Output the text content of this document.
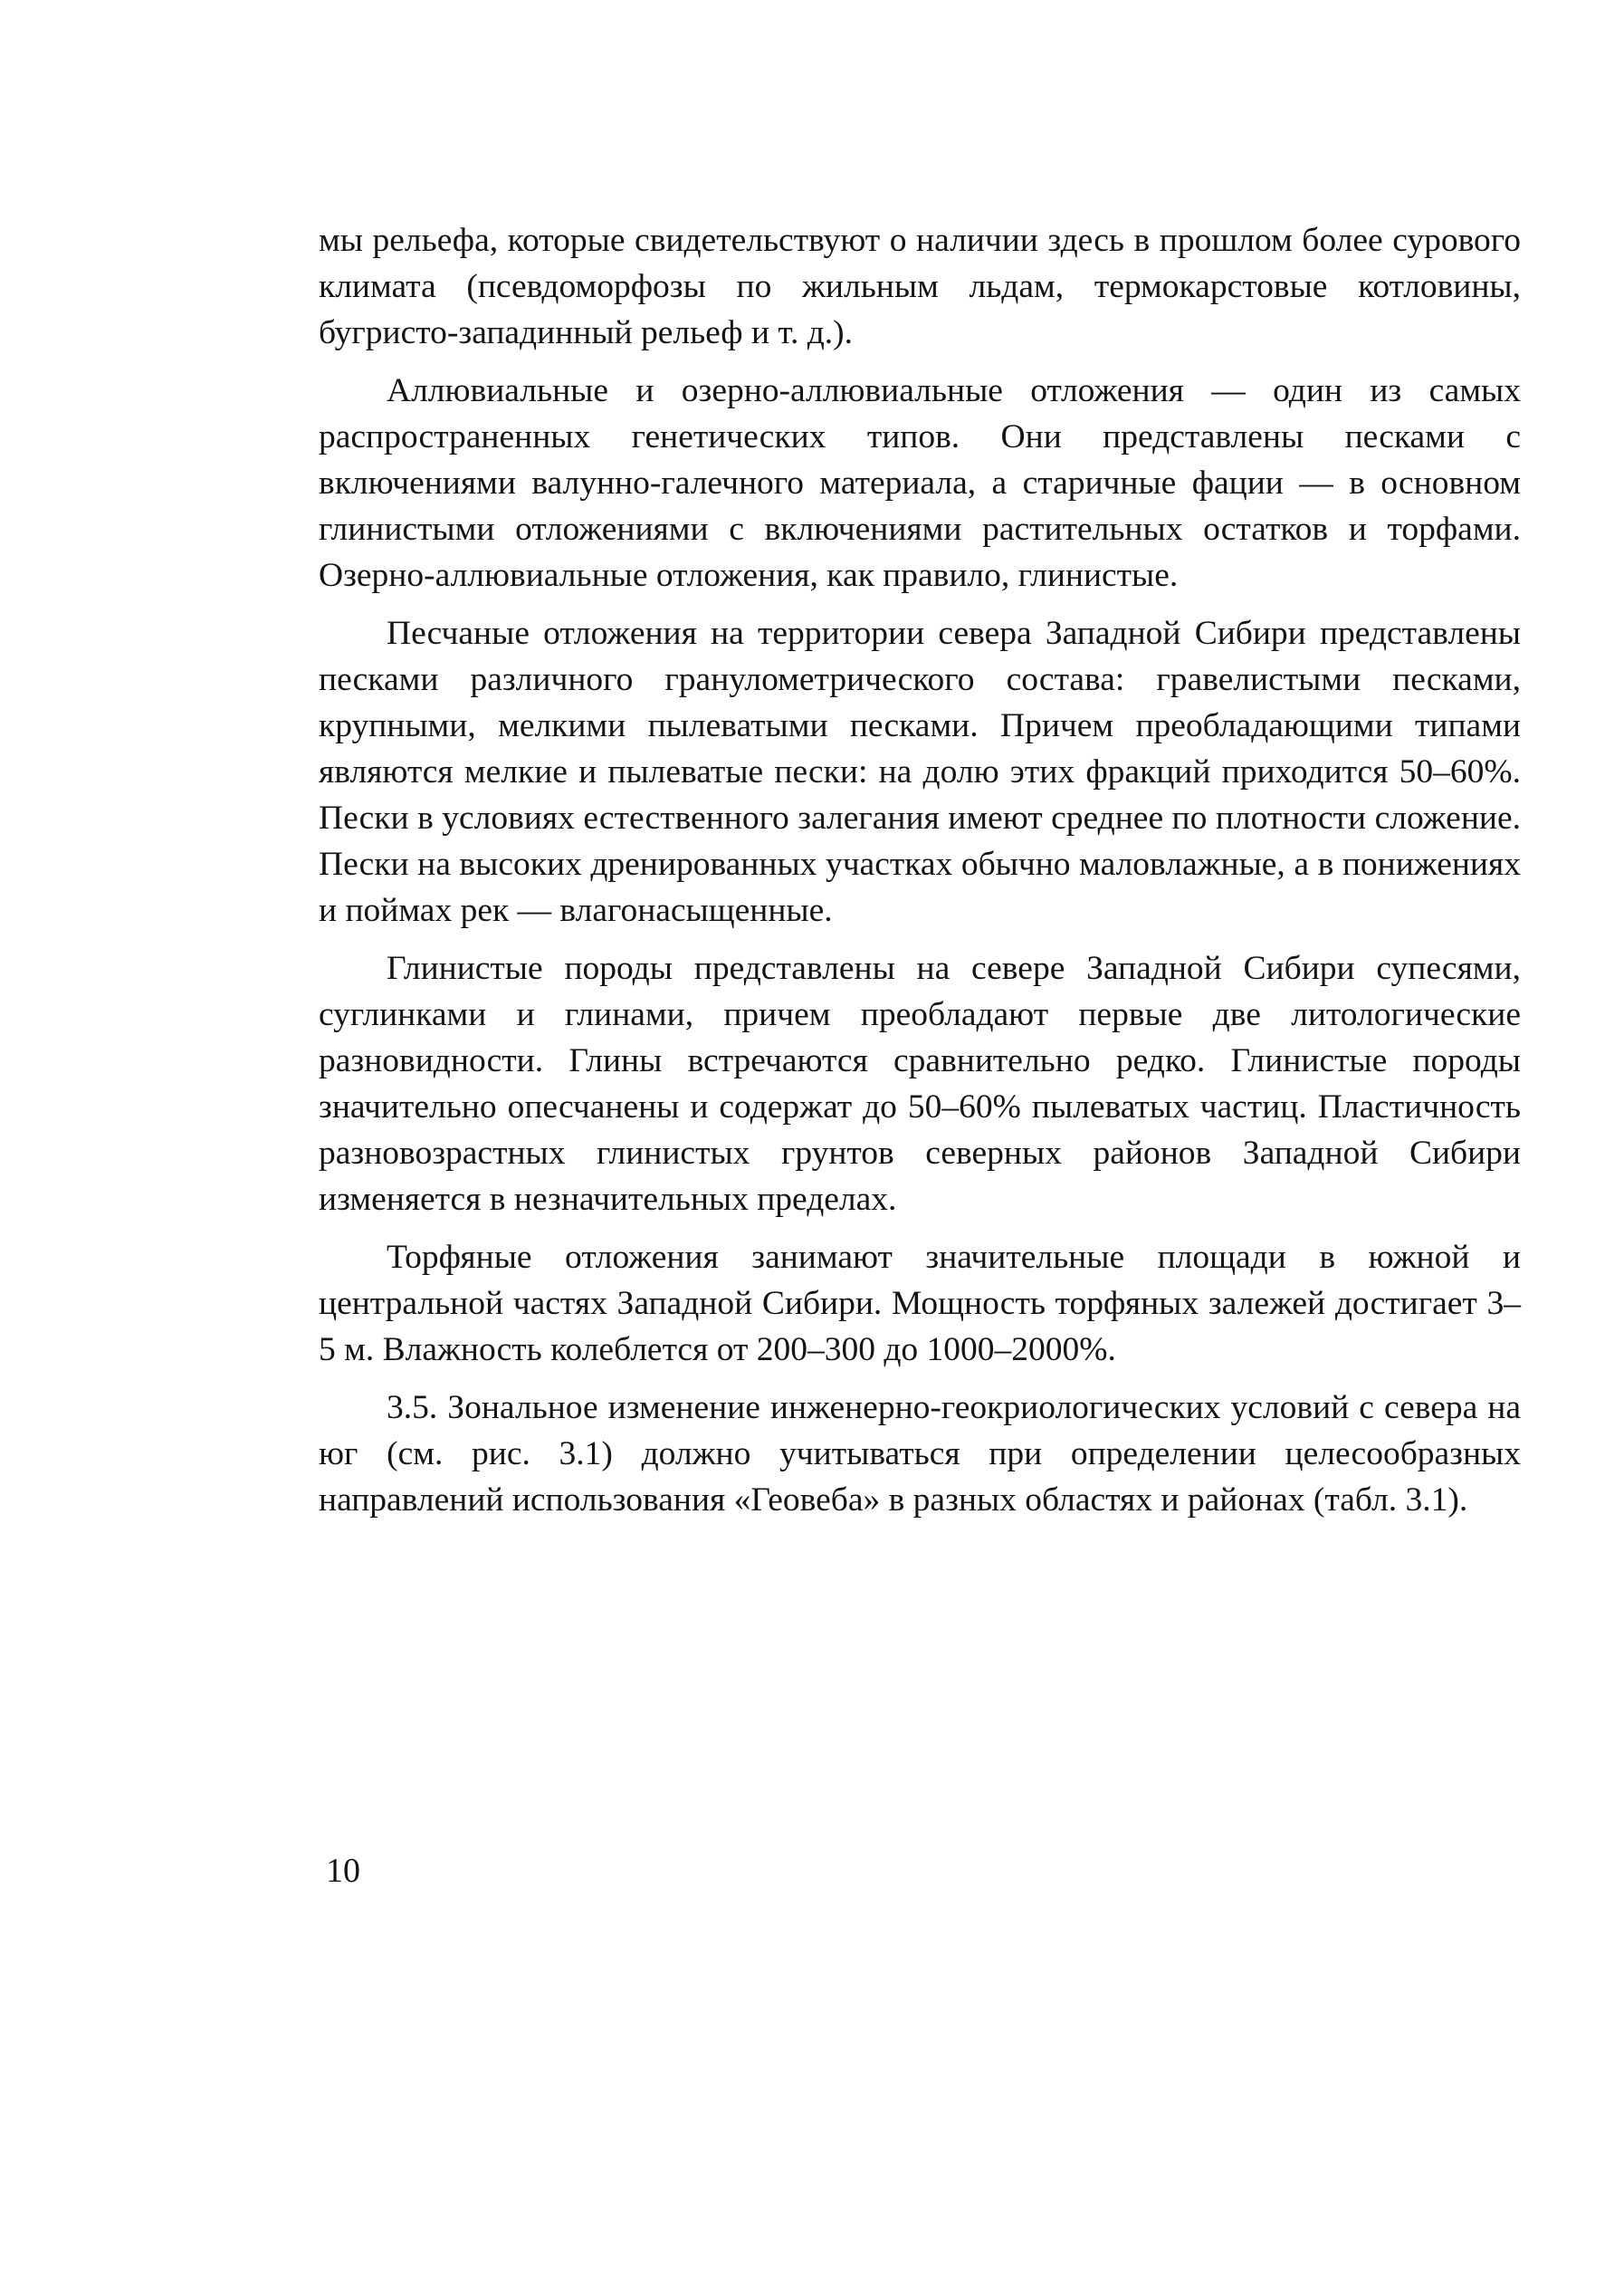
мы рельефа, которые свидетельствуют о наличии здесь в прошлом более сурового климата (псевдоморфозы по жильным льдам, термокарстовые котловины, бугристо-западинный рельеф и т. д.).

Аллювиальные и озерно-аллювиальные отложения — один из самых распространенных генетических типов. Они представлены песками с включениями валунно-галечного материала, а старичные фации — в основном глинистыми отложениями с включениями растительных остатков и торфами. Озерно-аллювиальные отложения, как правило, глинистые.

Песчаные отложения на территории севера Западной Сибири представлены песками различного гранулометрического состава: гравелистыми песками, крупными, мелкими пылеватыми песками. Причем преобладающими типами являются мелкие и пылеватые пески: на долю этих фракций приходится 50–60%. Пески в условиях естественного залегания имеют среднее по плотности сложение. Пески на высоких дренированных участках обычно маловлажные, а в понижениях и поймах рек — влагонасыщенные.

Глинистые породы представлены на севере Западной Сибири супесями, суглинками и глинами, причем преобладают первые две литологические разновидности. Глины встречаются сравнительно редко. Глинистые породы значительно опесчанены и содержат до 50–60% пылеватых частиц. Пластичность разновозрастных глинистых грунтов северных районов Западной Сибири изменяется в незначительных пределах.

Торфяные отложения занимают значительные площади в южной и центральной частях Западной Сибири. Мощность торфяных залежей достигает 3–5 м. Влажность колеблется от 200–300 до 1000–2000%.

3.5. Зональное изменение инженерно-геокриологических условий с севера на юг (см. рис. 3.1) должно учитываться при определении целесообразных направлений использования «Геовеба» в разных областях и районах (табл. 3.1).

10
